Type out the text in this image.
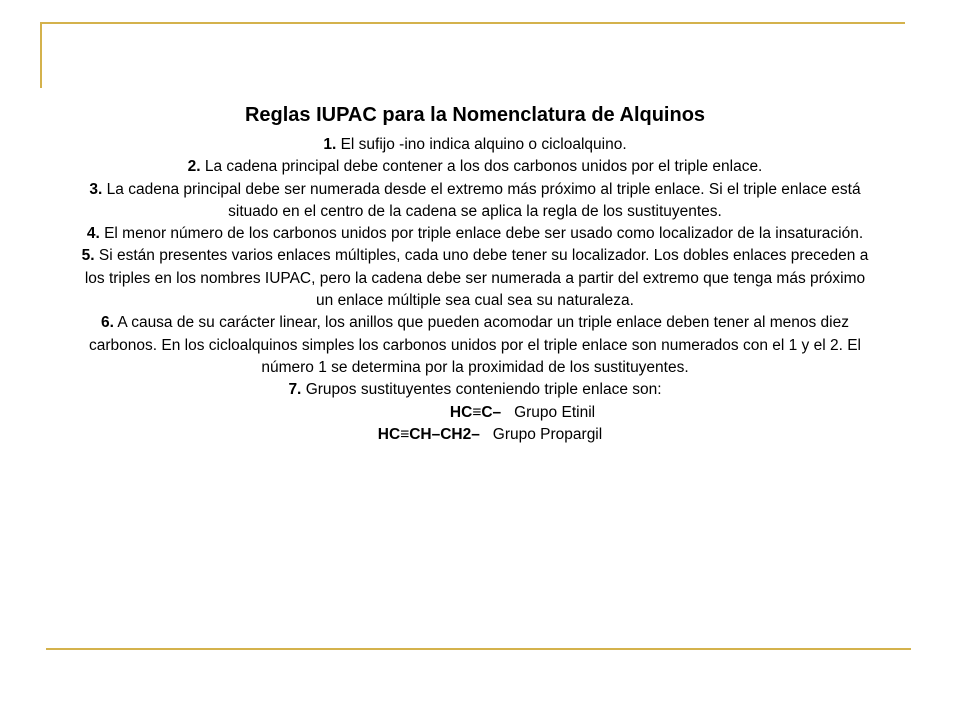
Reglas IUPAC para la Nomenclatura de Alquinos

1. El sufijo -ino indica alquino o cicloalquino.

2. La cadena principal debe contener a los dos carbonos unidos por el triple enlace.

3. La cadena principal debe ser numerada desde el extremo más próximo al triple enlace. Si el triple enlace está situado en el centro de la cadena se aplica la regla de los sustituyentes.

4. El menor número de los carbonos unidos por triple enlace debe ser usado como localizador de la insaturación.

5. Si están presentes varios enlaces múltiples, cada uno debe tener su localizador. Los dobles enlaces preceden a los triples en los nombres IUPAC, pero la cadena debe ser numerada a partir del extremo que tenga más próximo un enlace múltiple sea cual sea su naturaleza.

6. A causa de su carácter linear, los anillos que pueden acomodar un triple enlace deben tener al menos diez carbonos. En los cicloalquinos simples los carbonos unidos por el triple enlace son numerados con el 1 y el 2. El número 1 se determina por la proximidad de los sustituyentes.

7. Grupos sustituyentes conteniendo triple enlace son:

HC≡C– Grupo Etinil

HC≡CH–CH2– Grupo Propargil
